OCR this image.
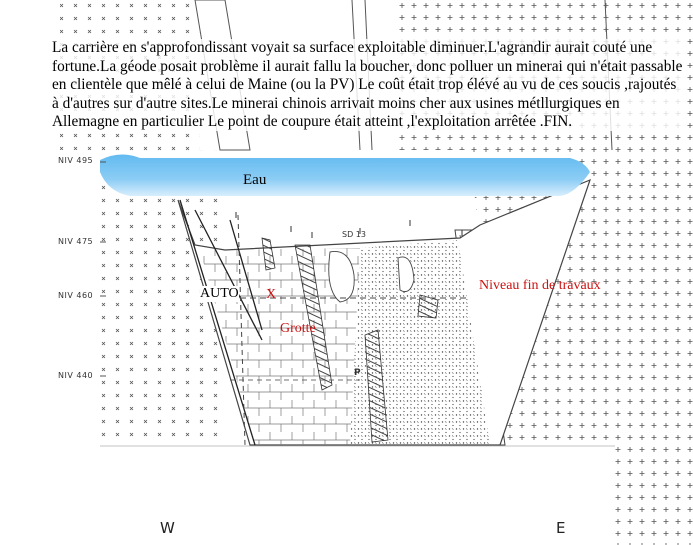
La carrière en s'approfondissant voyait sa surface exploitable diminuer.L'agrandir aurait couté une fortune.La géode posait problème il aurait fallu la boucher, donc polluer un minerai qui n'était passable en clientèle que mêlé à celui de Maine (ou la PV) Le coût était trop élévé au vu de ces soucis ,rajoutés à d'autres sur d'autre sites.Le minerai chinois arrivait moins cher aux usines métllurgiques en Allemagne en particulier Le point de coupure était atteint ,l'exploitation arrêtée .FIN.

NIV 495
NIV 475
NIV 460
NIV 440
SD 13
P
Eau
AUTO X
Grotte
Niveau fin de travaux
W	E
